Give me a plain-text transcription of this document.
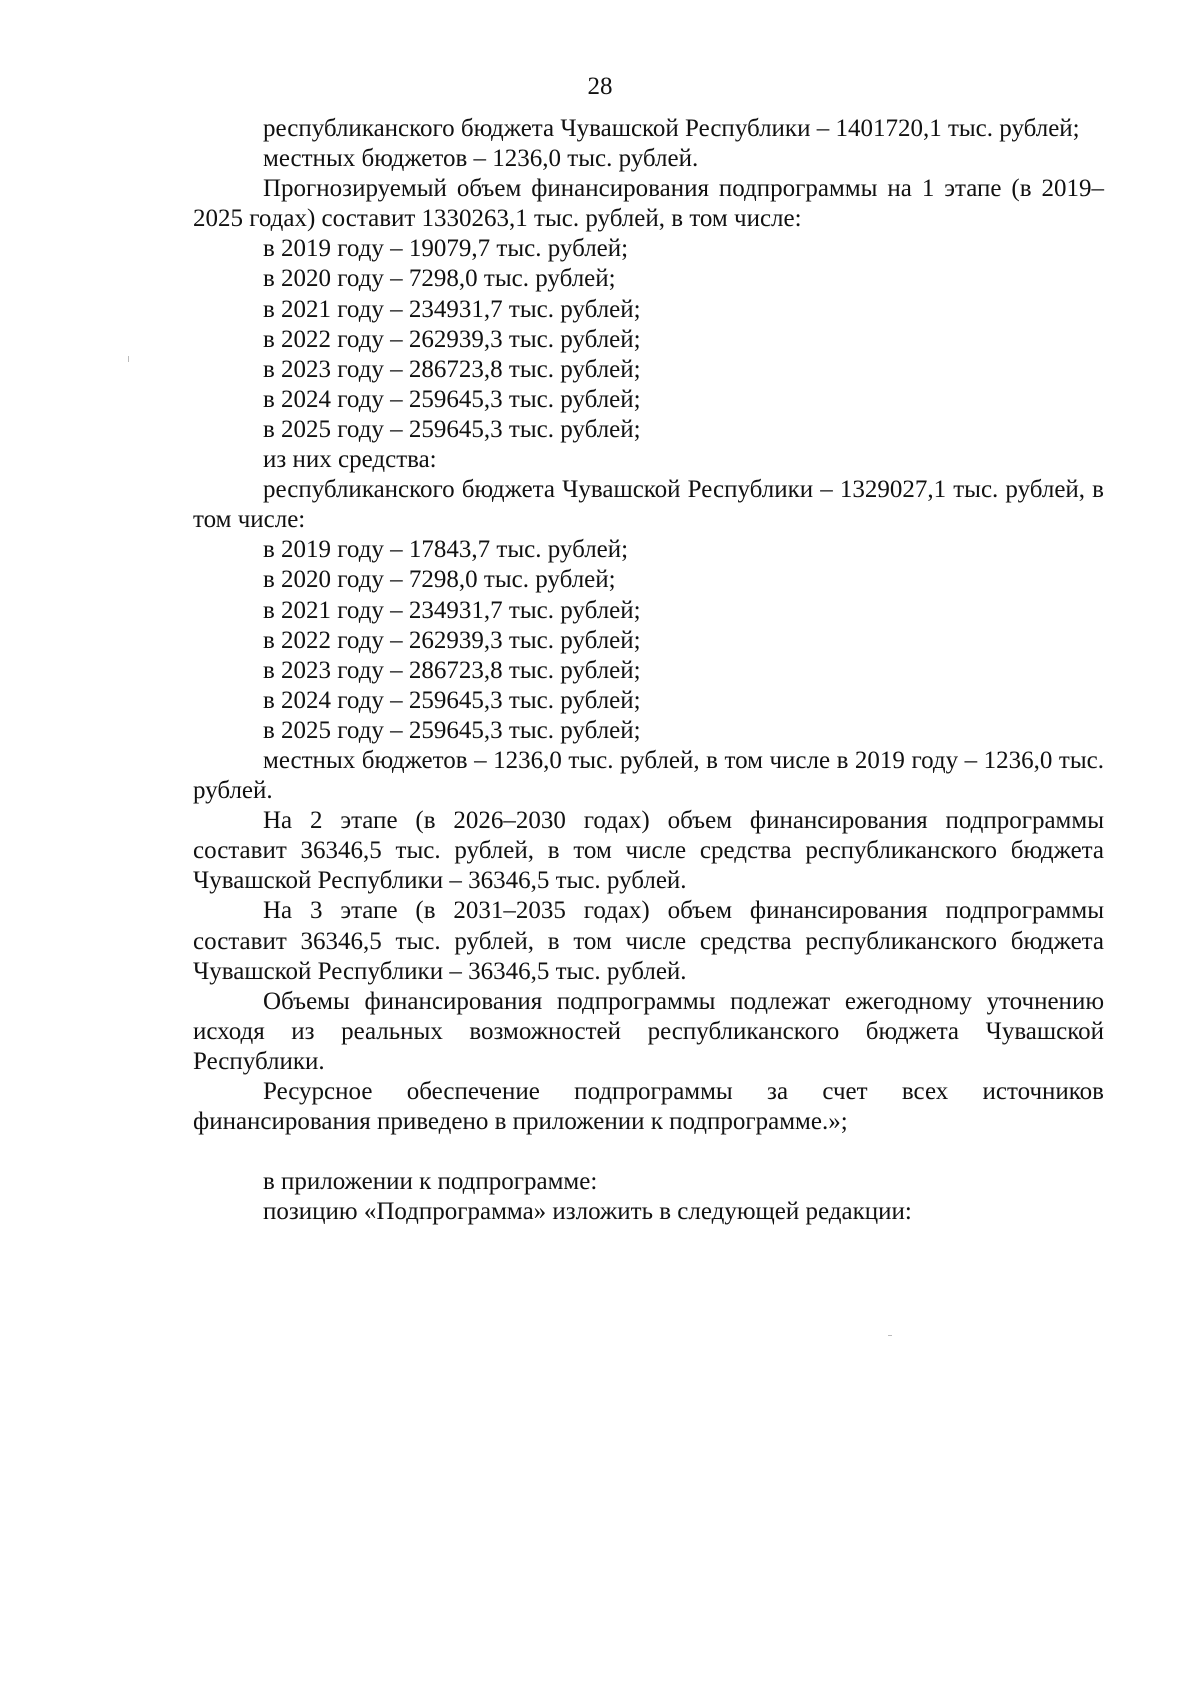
28

республиканского бюджета Чувашской Республики – 1401720,1 тыс. рублей;

местных бюджетов – 1236,0 тыс. рублей.

Прогнозируемый объем финансирования подпрограммы на 1 этапе (в 2019–2025 годах) составит 1330263,1 тыс. рублей, в том числе:

в 2019 году – 19079,7 тыс. рублей;

в 2020 году – 7298,0 тыс. рублей;

в 2021 году – 234931,7 тыс. рублей;

в 2022 году – 262939,3 тыс. рублей;

в 2023 году – 286723,8 тыс. рублей;

в 2024 году – 259645,3 тыс. рублей;

в 2025 году – 259645,3 тыс. рублей;

из них средства:

республиканского бюджета Чувашской Республики – 1329027,1 тыс. рублей, в том числе:

в 2019 году – 17843,7 тыс. рублей;

в 2020 году – 7298,0 тыс. рублей;

в 2021 году – 234931,7 тыс. рублей;

в 2022 году – 262939,3 тыс. рублей;

в 2023 году – 286723,8 тыс. рублей;

в 2024 году – 259645,3 тыс. рублей;

в 2025 году – 259645,3 тыс. рублей;

местных бюджетов – 1236,0 тыс. рублей, в том числе в 2019 году – 1236,0 тыс. рублей.

На 2 этапе (в 2026–2030 годах) объем финансирования подпрограммы составит 36346,5 тыс. рублей, в том числе средства республиканского бюджета Чувашской Республики – 36346,5 тыс. рублей.

На 3 этапе (в 2031–2035 годах) объем финансирования подпрограммы составит 36346,5 тыс. рублей, в том числе средства республиканского бюджета Чувашской Республики – 36346,5 тыс. рублей.

Объемы финансирования подпрограммы подлежат ежегодному уточнению исходя из реальных возможностей республиканского бюджета Чувашской Республики.

Ресурсное обеспечение подпрограммы за счет всех источников финансирования приведено в приложении к подпрограмме.»;

в приложении к подпрограмме:

позицию «Подпрограмма» изложить в следующей редакции:
